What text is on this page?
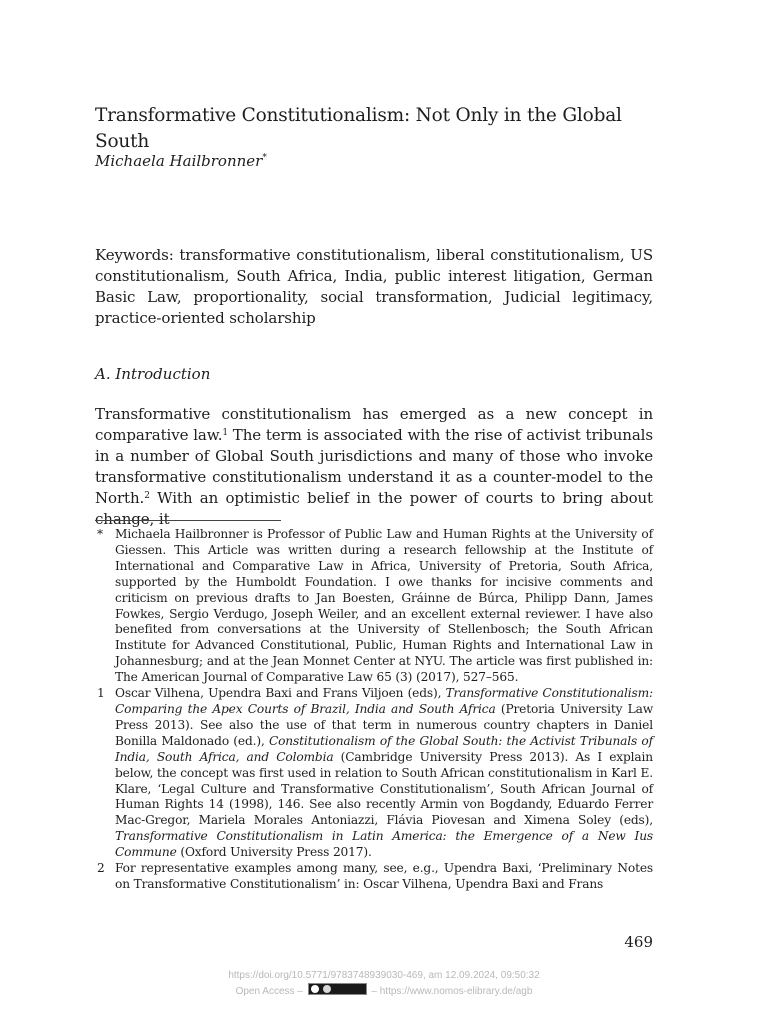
Transformative Constitutionalism: Not Only in the Global South
Michaela Hailbronner*
Keywords: transformative constitutionalism, liberal constitutionalism, US constitutionalism, South Africa, India, public interest litigation, German Basic Law, proportionality, social transformation, Judicial legitimacy, practice-oriented scholarship
A. Introduction
Transformative constitutionalism has emerged as a new concept in comparative law.$^1$ The term is associated with the rise of activist tribunals in a number of Global South jurisdictions and many of those who invoke transformative constitutionalism understand it as a counter-model to the North.$^2$ With an optimistic belief in the power of courts to bring about change, it
* Michaela Hailbronner is Professor of Public Law and Human Rights at the University of Giessen. This Article was written during a research fellowship at the Institute of International and Comparative Law in Africa, University of Pretoria, South Africa, supported by the Humboldt Foundation. I owe thanks for incisive comments and criticism on previous drafts to Jan Boesten, Gráinne de Búrca, Philipp Dann, James Fowkes, Sergio Verdugo, Joseph Weiler, and an excellent external reviewer. I have also benefited from conversations at the University of Stellenbosch; the South African Institute for Advanced Constitutional, Public, Human Rights and International Law in Johannesburg; and at the Jean Monnet Center at NYU. The article was first published in: The American Journal of Comparative Law 65 (3) (2017), 527–565.
1 Oscar Vilhena, Upendra Baxi and Frans Viljoen (eds), Transformative Constitutionalism: Comparing the Apex Courts of Brazil, India and South Africa (Pretoria University Law Press 2013). See also the use of that term in numerous country chapters in Daniel Bonilla Maldonado (ed.), Constitutionalism of the Global South: the Activist Tribunals of India, South Africa, and Colombia (Cambridge University Press 2013). As I explain below, the concept was first used in relation to South African constitutionalism in Karl E. Klare, ‘Legal Culture and Transformative Constitutionalism’, South African Journal of Human Rights 14 (1998), 146. See also recently Armin von Bogdandy, Eduardo Ferrer Mac-Gregor, Mariela Morales Antoniazzi, Flávia Piovesan and Ximena Soley (eds), Transformative Constitutionalism in Latin America: the Emergence of a New Ius Commune (Oxford University Press 2017).
2 For representative examples among many, see, e.g., Upendra Baxi, ‘Preliminary Notes on Transformative Constitutionalism’ in: Oscar Vilhena, Upendra Baxi and Frans
469
https://doi.org/10.5771/9783748939030-469, am 12.09.2024, 09:50:32
Open Access –	– https://www.nomos-elibrary.de/agb
